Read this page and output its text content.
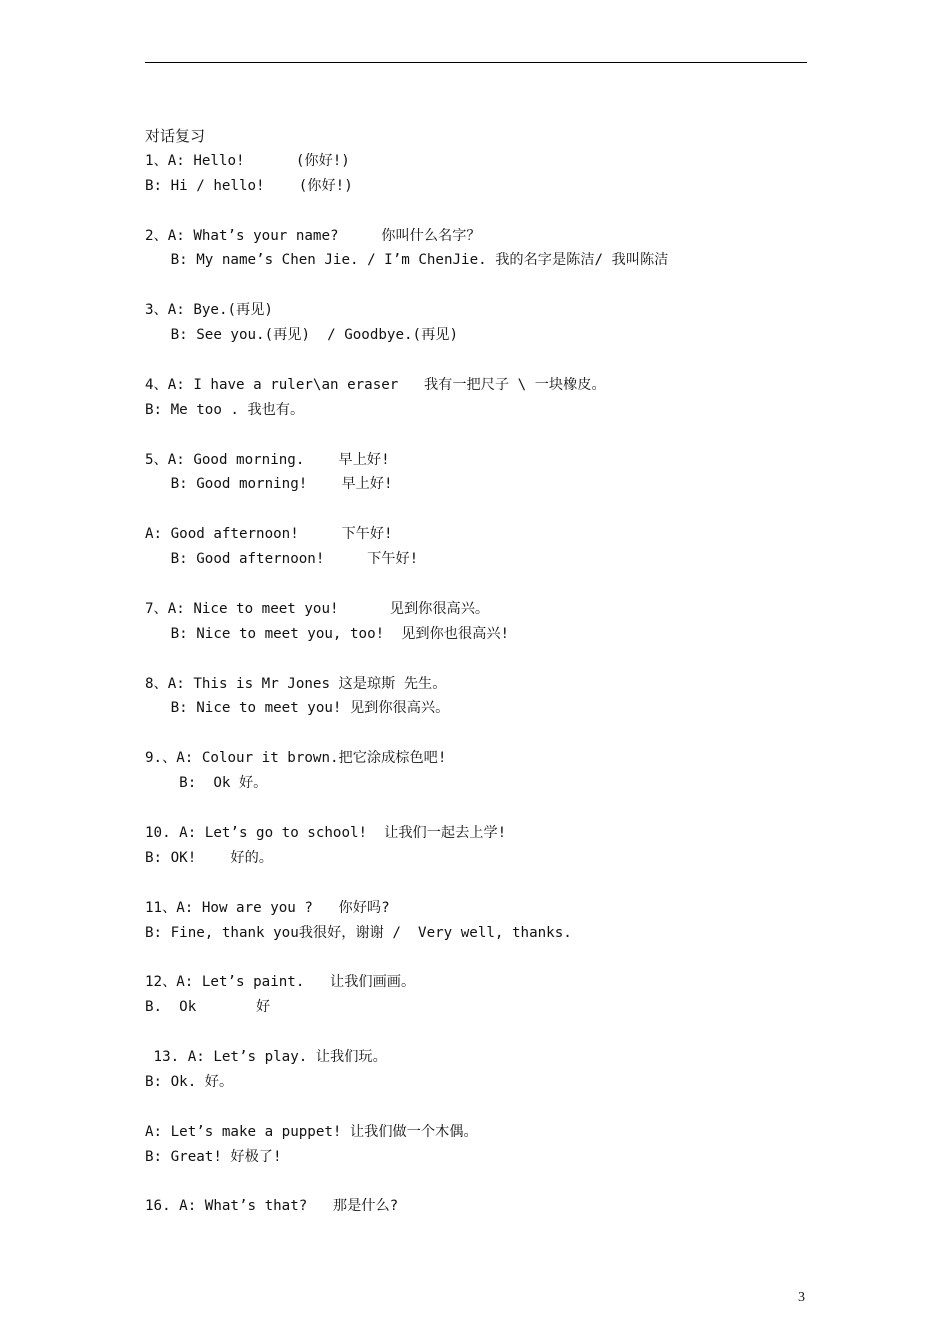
对话复习
1、A: Hello!      (你好!)
B: Hi / hello!    (你好!)
2、A: What’s your name?     你叫什么名字？
B: My name’s Chen Jie. / I’m ChenJie. 我的名字是陈洁/ 我叫陈洁
3、A: Bye.(再见)
B: See you.(再见)  / Goodbye.(再见)
4、A: I have a ruler\an eraser   我有一把尺子 \ 一块橡皮。
B: Me too . 我也有。
5、A: Good morning.    早上好!
B: Good morning!    早上好!
A: Good afternoon!     下午好!
B: Good afternoon!     下午好!
7、A: Nice to meet you!      见到你很高兴。
B: Nice to meet you, too!  见到你也很高兴!
8、A: This is Mr Jones 这是琼斯 先生。
B: Nice to meet you! 见到你很高兴。
9.、A: Colour it brown.把它涂成棕色吧!
B:  Ok 好。
10. A: Let’s go to school!  让我们一起去上学!
B: OK!    好的。
11、A: How are you ?   你好吗?
B: Fine, thank you我很好，谢谢 /  Very well, thanks.
12、A: Let’s paint.   让我们画画。
B.  Ok       好
13. A: Let’s play. 让我们玩。
B: Ok. 好。
A: Let’s make a puppet! 让我们做一个木偶。
B: Great! 好极了!
16. A: What’s that?   那是什么?
3
